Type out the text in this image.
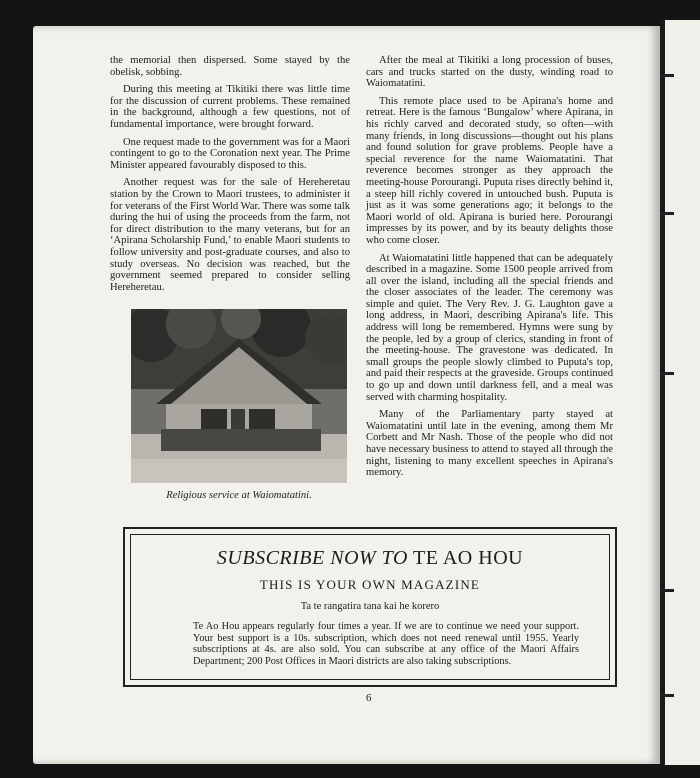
the memorial then dispersed. Some stayed by the obelisk, sobbing.

During this meeting at Tikitiki there was little time for the discussion of current problems. These remained in the background, although a few questions, not of fundamental importance, were brought forward.

One request made to the government was for a Maori contingent to go to the Coronation next year. The Prime Minister appeared favourably disposed to this.

Another request was for the sale of Hereheretau station by the Crown to Maori trustees, to administer it for veterans of the First World War. There was some talk during the hui of using the proceeds from the farm, not for direct distribution to the many veterans, but for an ‘Apirana Scholarship Fund,’ to enable Maori students to follow university and post-graduate courses, and also to study overseas. No decision was reached, but the government seemed prepared to consider selling Hereheretau.

Religious service at Waiomatatini.

After the meal at Tikitiki a long procession of buses, cars and trucks started on the dusty, winding road to Waiomatatini.

This remote place used to be Apirana's home and retreat. Here is the famous ‘Bungalow’ where Apirana, in his richly carved and decorated study, so often—with many friends, in long discussions—thought out his plans and found solution for grave problems. People have a special reverence for the name Waiomatatini. That reverence becomes stronger as they approach the meeting-house Porourangi. Puputa rises directly behind it, a steep hill richly covered in untouched bush. Puputa is just as it was some generations ago; it belongs to the Maori world of old. Apirana is buried here. Porourangi impresses by its power, and by its beauty delights those who come closer.

At Waiomatatini little happened that can be adequately described in a magazine. Some 1500 people arrived from all over the island, including all the special friends and the closer associates of the leader. The ceremony was simple and quiet. The Very Rev. J. G. Laughton gave a long address, in Maori, describing Apirana's life. This address will long be remembered. Hymns were sung by the people, led by a group of clerics, standing in front of the meeting-house. The gravestone was dedicated. In small groups the people slowly climbed to Puputa's top, and paid their respects at the graveside. Groups continued to go up and down until darkness fell, and a meal was served with charming hospitality.

Many of the Parliamentary party stayed at Waiomatatini until late in the evening, among them Mr Corbett and Mr Nash. Those of the people who did not have necessary business to attend to stayed all through the night, listening to many excellent speeches in Apirana's memory.

SUBSCRIBE NOW TO TE AO HOU
THIS IS YOUR OWN MAGAZINE
Ta te rangatira tana kai he korero
Te Ao Hou appears regularly four times a year. If we are to continue we need your support. Your best support is a 10s. subscription, which does not need renewal until 1955. Yearly subscriptions at 4s. are also sold. You can subscribe at any office of the Maori Affairs Department; 200 Post Offices in Maori districts are also taking subscriptions.
6
